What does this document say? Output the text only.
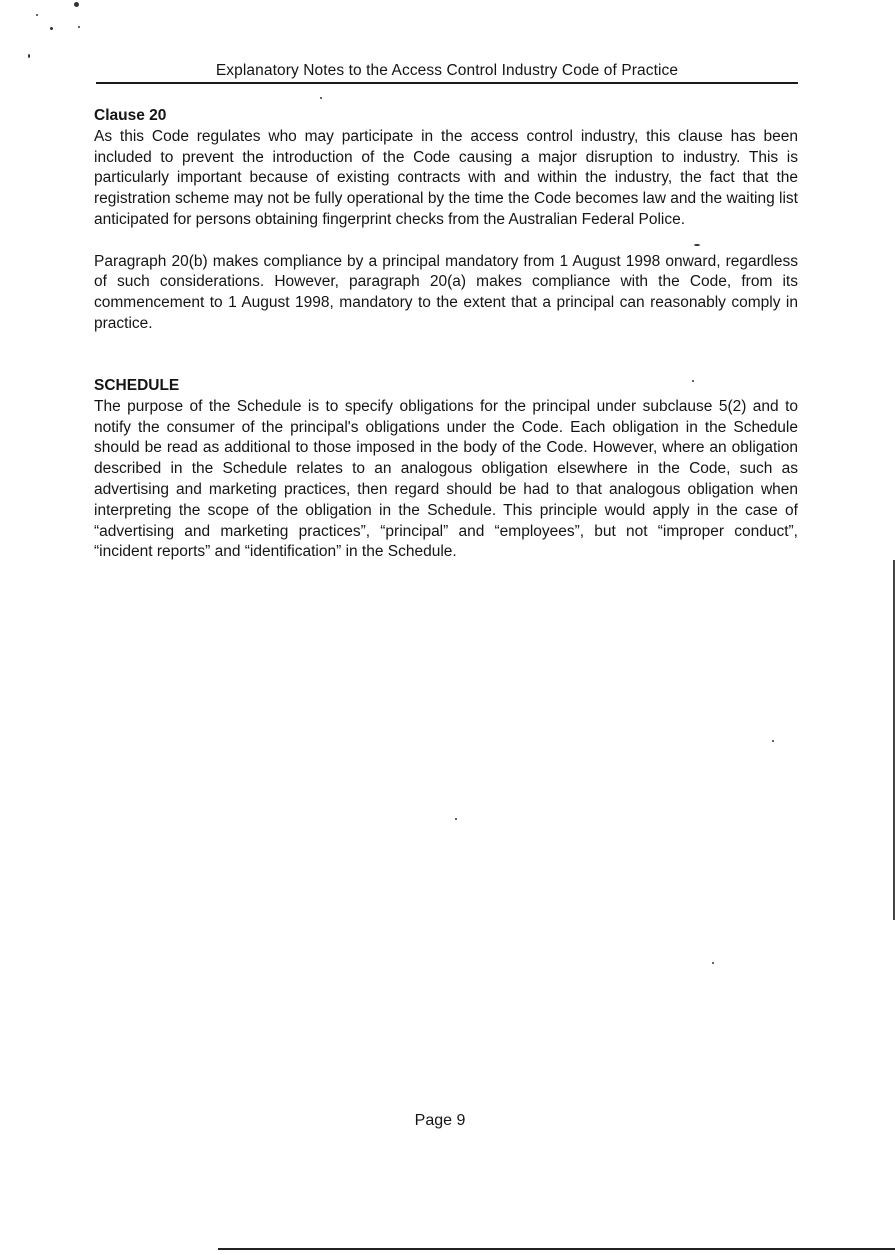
Explanatory Notes to the Access Control Industry Code of Practice

Clause 20

As this Code regulates who may participate in the access control industry, this clause has been included to prevent the introduction of the Code causing a major disruption to industry. This is particularly important because of existing contracts with and within the industry, the fact that the registration scheme may not be fully operational by the time the Code becomes law and the waiting list anticipated for persons obtaining fingerprint checks from the Australian Federal Police.

Paragraph 20(b) makes compliance by a principal mandatory from 1 August 1998 onward, regardless of such considerations. However, paragraph 20(a) makes compliance with the Code, from its commencement to 1 August 1998, mandatory to the extent that a principal can reasonably comply in practice.

SCHEDULE

The purpose of the Schedule is to specify obligations for the principal under subclause 5(2) and to notify the consumer of the principal's obligations under the Code. Each obligation in the Schedule should be read as additional to those imposed in the body of the Code. However, where an obligation described in the Schedule relates to an analogous obligation elsewhere in the Code, such as advertising and marketing practices, then regard should be had to that analogous obligation when interpreting the scope of the obligation in the Schedule. This principle would apply in the case of “advertising and marketing practices”, “principal” and “employees”, but not “improper conduct”, “incident reports” and “identification” in the Schedule.

Page 9
